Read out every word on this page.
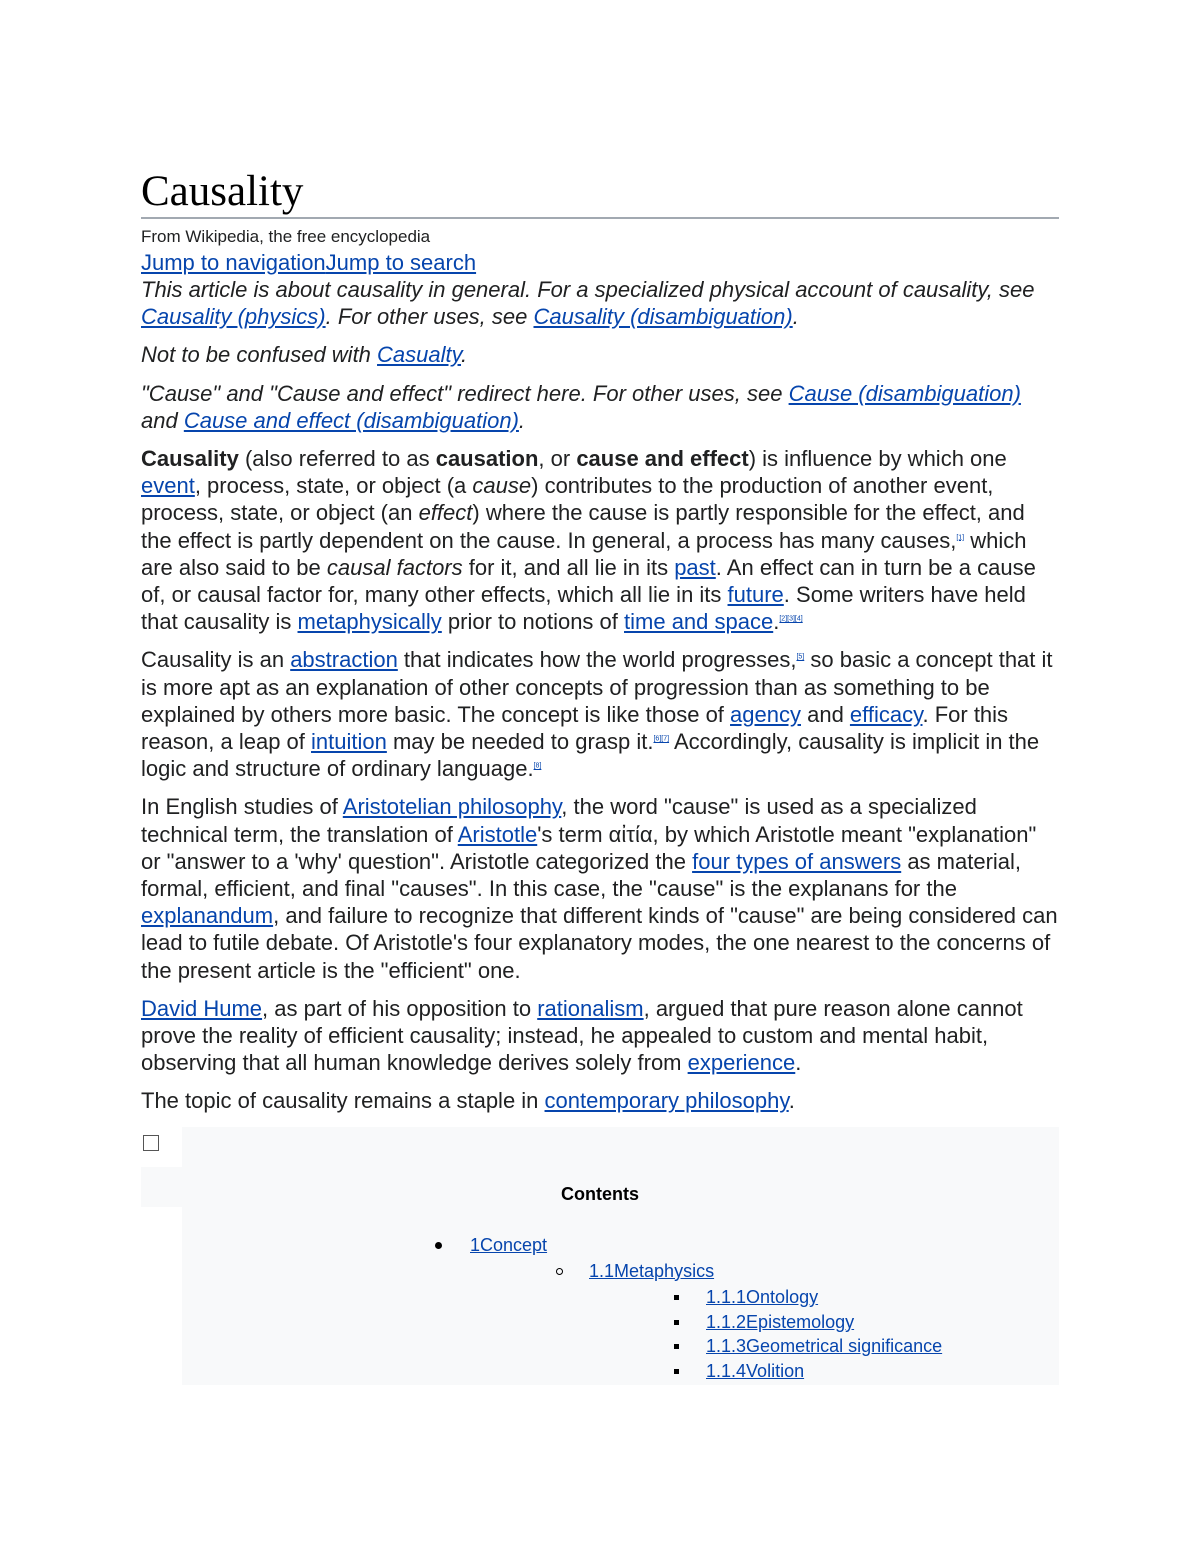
Causality
From Wikipedia, the free encyclopedia
Jump to navigationJump to search

This article is about causality in general. For a specialized physical account of causality, see Causality (physics). For other uses, see Causality (disambiguation).

Not to be confused with Casualty.

"Cause" and "Cause and effect" redirect here. For other uses, see Cause (disambiguation) and Cause and effect (disambiguation).

Causality (also referred to as causation, or cause and effect) is influence by which one event, process, state, or object (a cause) contributes to the production of another event, process, state, or object (an effect) where the cause is partly responsible for the effect, and the effect is partly dependent on the cause. In general, a process has many causes,[1] which are also said to be causal factors for it, and all lie in its past. An effect can in turn be a cause of, or causal factor for, many other effects, which all lie in its future. Some writers have held that causality is metaphysically prior to notions of time and space.[2][3][4]

Causality is an abstraction that indicates how the world progresses,[5] so basic a concept that it is more apt as an explanation of other concepts of progression than as something to be explained by others more basic. The concept is like those of agency and efficacy. For this reason, a leap of intuition may be needed to grasp it.[6][7] Accordingly, causality is implicit in the logic and structure of ordinary language.[8]

In English studies of Aristotelian philosophy, the word "cause" is used as a specialized technical term, the translation of Aristotle's term αἰτία, by which Aristotle meant "explanation" or "answer to a 'why' question". Aristotle categorized the four types of answers as material, formal, efficient, and final "causes". In this case, the "cause" is the explanans for the explanandum, and failure to recognize that different kinds of "cause" are being considered can lead to futile debate. Of Aristotle's four explanatory modes, the one nearest to the concerns of the present article is the "efficient" one.

David Hume, as part of his opposition to rationalism, argued that pure reason alone cannot prove the reality of efficient causality; instead, he appealed to custom and mental habit, observing that all human knowledge derives solely from experience.

The topic of causality remains a staple in contemporary philosophy.

Contents
1Concept
1.1Metaphysics
1.1.1Ontology
1.1.2Epistemology
1.1.3Geometrical significance
1.1.4Volition
